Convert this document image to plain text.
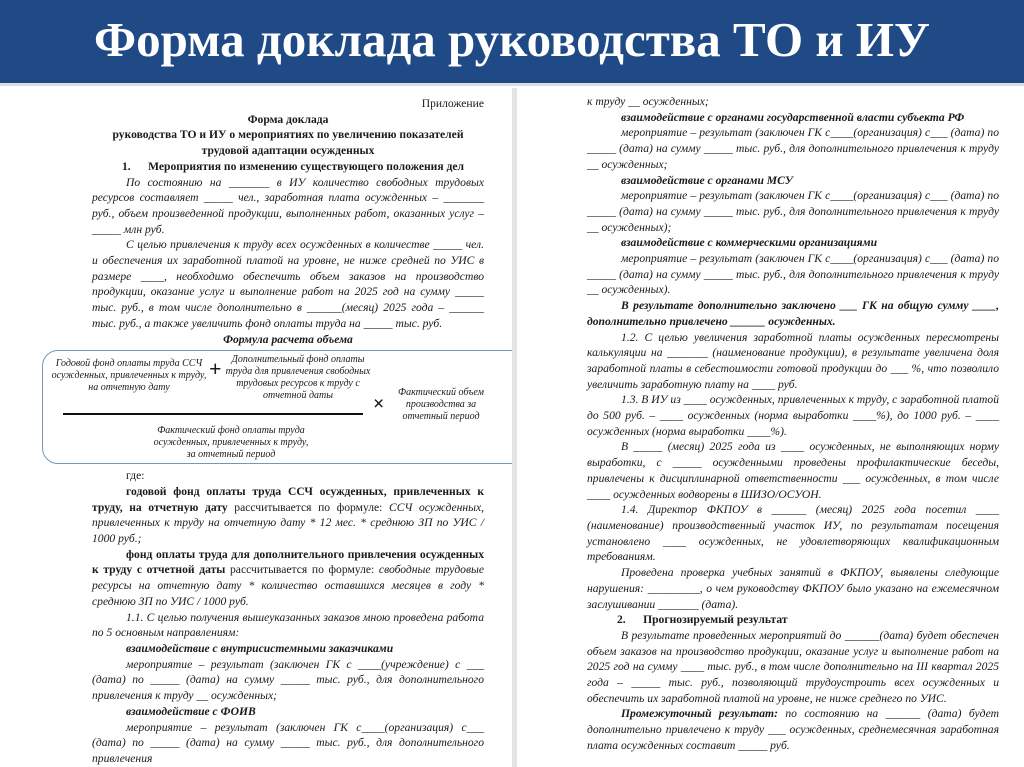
Форма доклада руководства ТО и ИУ

Приложение

Форма доклада

руководства ТО и ИУ о мероприятиях по увеличению показателей трудовой адаптации осужденных

1.      Мероприятия по изменению существующего положения дел

По состоянию на _______ в ИУ количество свободных трудовых ресурсов составляет _____ чел., заработная плата осужденных – _______ руб., объем произведенной продукции, выполненных работ, оказанных услуг – _____ млн руб.

С целью привлечения к труду всех осужденных в количестве _____ чел. и обеспечения их заработной платой на уровне, не ниже средней по УИС в размере ____, необходимо обеспечить объем заказов на производство продукции, оказание услуг и выполнение работ на 2025 год на сумму _____ тыс. руб., в том числе дополнительно в ______(месяц) 2025 года – ______ тыс. руб., а также увеличить фонд оплаты труда на _____ тыс. руб.

Формула расчета объема

Годовой фонд оплаты труда ССЧ осужденных, привлеченных к труду, на отчетную дату
+ Дополнительный фонд оплаты труда для привлечения свободных трудовых ресурсов к труду с отчетной даты	×
Фактический объем производства за отчетный период
Фактический фонд оплаты труда осужденных, привлеченных к труду, за отчетный период

где:

годовой фонд оплаты труда ССЧ осужденных, привлеченных к труду, на отчетную дату рассчитывается по формуле: ССЧ осужденных, привлеченных к труду на отчетную дату * 12 мес. * среднюю ЗП по УИС / 1000 руб.;

фонд оплаты труда для дополнительного привлечения осужденных к труду с отчетной даты рассчитывается по формуле: свободные трудовые ресурсы на отчетную дату * количество оставшихся месяцев в году * среднюю ЗП по УИС / 1000 руб.

1.1. С целью получения вышеуказанных заказов мною проведена работа по 5 основным направлениям:

взаимодействие с внутрисистемными заказчиками

мероприятие – результат (заключен ГК с ____(учреждение) с ___ (дата) по _____ (дата) на сумму _____ тыс. руб., для дополнительного привлечения к труду __ осужденных;

взаимодействие с ФОИВ

мероприятие – результат (заключен ГК с____(организация) с___ (дата) по _____ (дата) на сумму _____ тыс. руб., для дополнительного привлечения

к труду __ осужденных;

взаимодействие с органами государственной власти субъекта РФ

мероприятие – результат (заключен ГК с____(организация) с___ (дата) по _____ (дата) на сумму _____ тыс. руб., для дополнительного привлечения к труду __ осужденных;

взаимодействие с органами МСУ

мероприятие – результат (заключен ГК с____(организация) с___ (дата) по _____ (дата) на сумму _____ тыс. руб., для дополнительного привлечения к труду __ осужденных);

взаимодействие с коммерческими организациями

мероприятие – результат (заключен ГК с____(организация) с___ (дата) по _____ (дата) на сумму _____ тыс. руб., для дополнительного привлечения к труду __ осужденных).

В результате дополнительно заключено ___ ГК на общую сумму ____, дополнительно привлечено ______ осужденных.

1.2. С целью увеличения заработной платы осужденных пересмотрены калькуляции на _______ (наименование продукции), в результате увеличена доля заработной платы в себестоимости готовой продукции до ___ %, что позволило увеличить заработную плату на ____ руб.

1.3. В ИУ из ____ осужденных, привлеченных к труду, с заработной платой до 500 руб. – ____ осужденных (норма выработки ____%), до 1000 руб. – ____ осужденных (норма выработки ____%).

В _____ (месяц) 2025 года из ____ осужденных, не выполняющих норму выработки, с _____ осужденными проведены профилактические беседы, привлечены к дисциплинарной ответственности ___ осужденных, в том числе ____ осужденных водворены в ШИЗО/ОСУОН.

1.4. Директор ФКПОУ в ______ (месяц) 2025 года посетил ____ (наименование) производственный участок ИУ, по результатам посещения установлено ____ осужденных, не удовлетворяющих квалификационным требованиям.

Проведена проверка учебных занятий в ФКПОУ, выявлены следующие нарушения: _________, о чем руководству ФКПОУ было указано на ежемесячном заслушивании _______ (дата).

2.      Прогнозируемый результат

В результате проведенных мероприятий до ______(дата) будет обеспечен объем заказов на производство продукции, оказание услуг и выполнение работ на 2025 год на сумму ____ тыс. руб., в том числе дополнительно на III квартал 2025 года – _____ тыс. руб., позволяющий трудоустроить всех осужденных и обеспечить их заработной платой на уровне, не ниже среднего по УИС.

Промежуточный результат: по состоянию на ______ (дата) будет дополнительно привлечено к труду ___ осужденных, среднемесячная заработная плата осужденных составит _____ руб.
